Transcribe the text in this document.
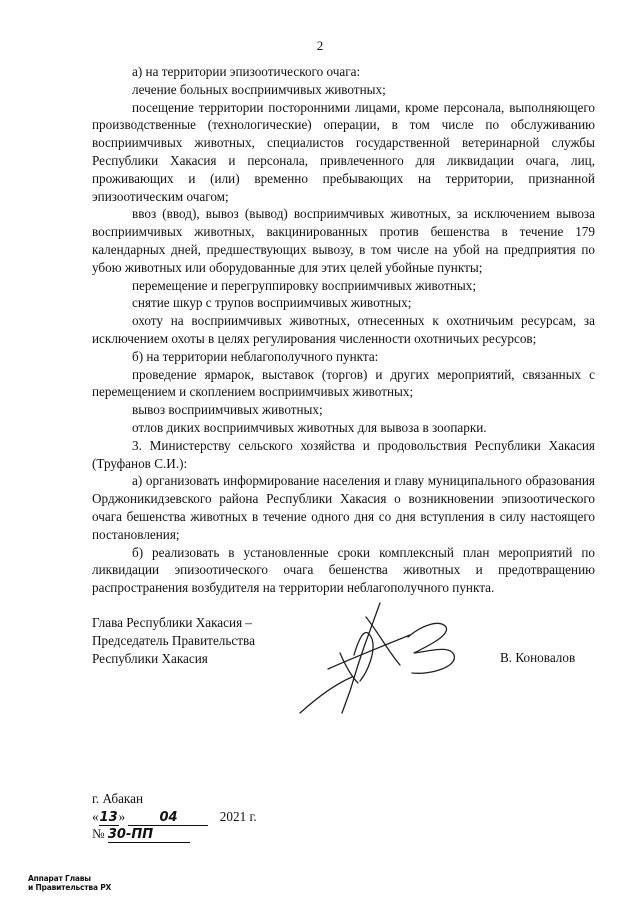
2

а) на территории эпизоотического очага:

лечение больных восприимчивых животных;

посещение территории посторонними лицами, кроме персонала, выполняющего производственные (технологические) операции, в том числе по обслуживанию восприимчивых животных, специалистов государственной ветеринарной службы Республики Хакасия и персонала, привлеченного для ликвидации очага, лиц, проживающих и (или) временно пребывающих на территории, признанной эпизоотическим очагом;

ввоз (ввод), вывоз (вывод) восприимчивых животных, за исключением вывоза восприимчивых животных, вакцинированных против бешенства в течение 179 календарных дней, предшествующих вывозу, в том числе на убой на предприятия по убою животных или оборудованные для этих целей убойные пункты;

перемещение и перегруппировку восприимчивых животных;

снятие шкур с трупов восприимчивых животных;

охоту на восприимчивых животных, отнесенных к охотничьим ресурсам, за исключением охоты в целях регулирования численности охотничьих ресурсов;

б) на территории неблагополучного пункта:

проведение ярмарок, выставок (торгов) и других мероприятий, связанных с перемещением и скоплением восприимчивых животных;

вывоз восприимчивых животных;

отлов диких восприимчивых животных для вывоза в зоопарки.

3. Министерству сельского хозяйства и продовольствия Республики Хакасия (Труфанов С.И.):

а) организовать информирование населения и главу муниципального образования Орджоникидзевского района Республики Хакасия о возникновении эпизоотического очага бешенства животных в течение одного дня со дня вступления в силу настоящего постановления;

б) реализовать в установленные сроки комплексный план мероприятий по ликвидации эпизоотического очага бешенства животных и предотвращению распространения возбудителя на территории неблагополучного пункта.

Глава Республики Хакасия –
Председатель Правительства
Республики Хакасия	В. Коновалов
г. Абакан
«13»	04	2021 г.
№ 30-ПП
Аппарат Главы
и Правительства РХ
